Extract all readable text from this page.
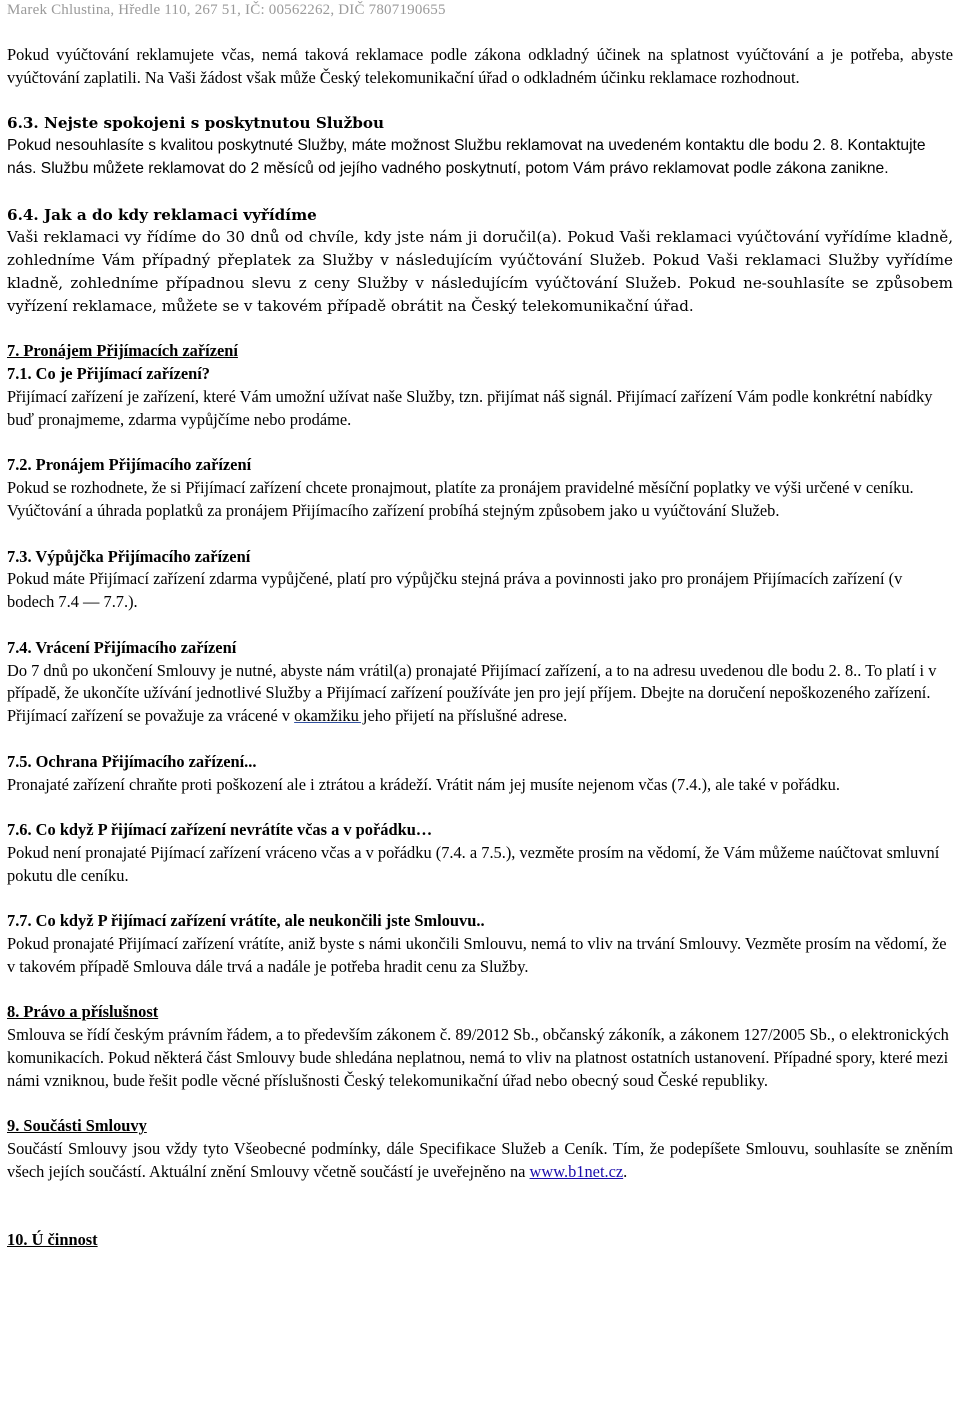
Marek Chlustina, Hředle 110, 267 51, IČ: 00562262, DIČ 7807190655

Pokud vyúčtování reklamujete včas, nemá taková reklamace podle zákona odkladný účinek na splatnost vyúčtování a je potřeba, abyste vyúčtování zaplatili. Na Vaši žádost však může Český telekomunikační úřad o odkladném účinku reklamace rozhodnout.

6.3. Nejste spokojeni s poskytnutou Službou

Pokud nesouhlasíte s kvalitou poskytnuté Služby, máte možnost Službu reklamovat na uvedeném kontaktu dle bodu 2. 8. Kontaktujte nás. Službu můžete reklamovat do 2 měsíců od jejího vadného poskytnutí, potom Vám právo reklamovat podle zákona zanikne.

6.4. Jak a do kdy reklamaci vyřídíme

Vaši reklamaci vy řídíme do 30 dnů od chvíle, kdy jste nám ji doručil(a). Pokud Vaši reklamaci vyúčtování vyřídíme kladně, zohledníme Vám případný přeplatek za Služby v následujícím vyúčtování Služeb. Pokud Vaši reklamaci Služby vyřídíme kladně, zohledníme případnou slevu z ceny Služby v následujícím vyúčtování Služeb. Pokud ne-souhlasíte se způsobem vyřízení reklamace, můžete se v takovém případě obrátit na Český telekomunikační úřad.

7. Pronájem Přijímacích zařízení

7.1. Co je Přijímací zařízení?

Přijímací zařízení je zařízení, které Vám umožní užívat naše Služby, tzn. přijímat náš signál. Přijímací zařízení Vám podle konkrétní nabídky buď pronajmeme, zdarma vypůjčíme nebo prodáme.

7.2. Pronájem Přijímacího zařízení

Pokud se rozhodnete, že si Přijímací zařízení chcete pronajmout, platíte za pronájem pravidelné měsíční poplatky ve výši určené v ceníku. Vyúčtování a úhrada poplatků za pronájem Přijímacího zařízení probíhá stejným způsobem jako u vyúčtování Služeb.

7.3. Výpůjčka Přijímacího zařízení

Pokud máte Přijímací zařízení zdarma vypůjčené, platí pro výpůjčku stejná práva a povinnosti jako pro pronájem Přijímacích zařízení (v bodech 7.4 — 7.7.).

7.4. Vrácení Přijímacího zařízení

Do 7 dnů po ukončení Smlouvy je nutné, abyste nám vrátil(a) pronajaté Přijímací zařízení, a to na adresu uvedenou dle bodu 2. 8.. To platí i v případě, že ukončíte užívání jednotlivé Služby a Přijímací zařízení používáte jen pro její příjem. Dbejte na doručení nepoškozeného zařízení. Přijímací zařízení se považuje za vrácené v okamžiku jeho přijetí na příslušné adrese.

7.5. Ochrana Přijímacího zařízení...

Pronajaté zařízení chraňte proti poškození ale i ztrátou a krádeží. Vrátit nám jej musíte nejenom včas (7.4.), ale také v pořádku.

7.6. Co když P řijímací zařízení nevrátíte včas a v pořádku…

Pokud není pronajaté Pijímací zařízení vráceno včas a v pořádku (7.4. a 7.5.), vezměte prosím na vědomí, že Vám můžeme naúčtovat smluvní pokutu dle ceníku.

7.7. Co když P řijímací zařízení vrátíte, ale neukončili jste Smlouvu..

Pokud pronajaté Přijímací zařízení vrátíte, aniž byste s námi ukončili Smlouvu, nemá to vliv na trvání Smlouvy. Vezměte prosím na vědomí, že v takovém případě Smlouva dále trvá a nadále je potřeba hradit cenu za Služby.

8. Právo a příslušnost

Smlouva se řídí českým právním řádem, a to především zákonem č. 89/2012 Sb., občanský zákoník, a zákonem 127/2005 Sb., o elektronických komunikacích. Pokud některá část Smlouvy bude shledána neplatnou, nemá to vliv na platnost ostatních ustanovení. Případné spory, které mezi námi vzniknou, bude řešit podle věcné příslušnosti Český telekomunikační úřad nebo obecný soud České republiky.

9. Součásti Smlouvy

Součástí Smlouvy jsou vždy tyto Všeobecné podmínky, dále Specifikace Služeb a Ceník. Tím, že podepíšete Smlouvu, souhlasíte se zněním všech jejích součástí. Aktuální znění Smlouvy včetně součástí je uveřejněno na www.b1net.cz.

10. Ú činnost
